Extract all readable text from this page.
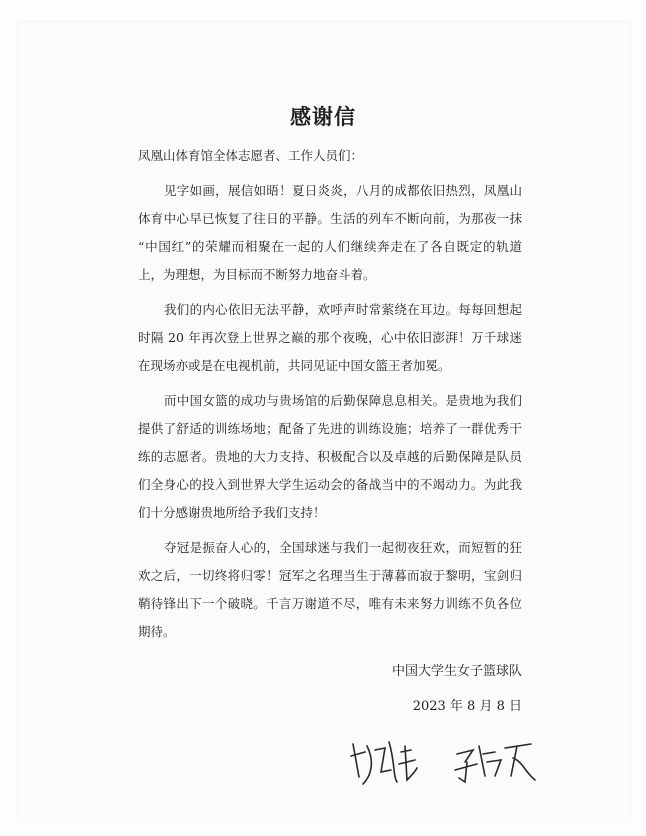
感谢信
凤凰山体育馆全体志愿者、工作人员们：
见字如画，展信如晤！夏日炎炎，八月的成都依旧热烈，凤凰山
体育中心早已恢复了往日的平静。生活的列车不断向前，为那夜一抹
“中国红”的荣耀而相聚在一起的人们继续奔走在了各自既定的轨道
上，为理想，为目标而不断努力地奋斗着。
我们的内心依旧无法平静，欢呼声时常萦绕在耳边。每每回想起
时隔 20 年再次登上世界之巅的那个夜晚，心中依旧澎湃！万千球迷
在现场亦或是在电视机前，共同见证中国女篮王者加冕。
而中国女篮的成功与贵场馆的后勤保障息息相关。是贵地为我们
提供了舒适的训练场地；配备了先进的训练设施；培养了一群优秀干
练的志愿者。贵地的大力支持、积极配合以及卓越的后勤保障是队员
们全身心的投入到世界大学生运动会的备战当中的不竭动力。为此我
们十分感谢贵地所给予我们支持！
夺冠是振奋人心的，全国球迷与我们一起彻夜狂欢，而短暂的狂
欢之后，一切终将归零！冠军之名理当生于薄暮而寂于黎明，宝剑归
鞘待锋出下一个破晓。千言万谢道不尽，唯有未来努力训练不负各位
期待。
中国大学生女子篮球队
2023 年 8 月 8 日
